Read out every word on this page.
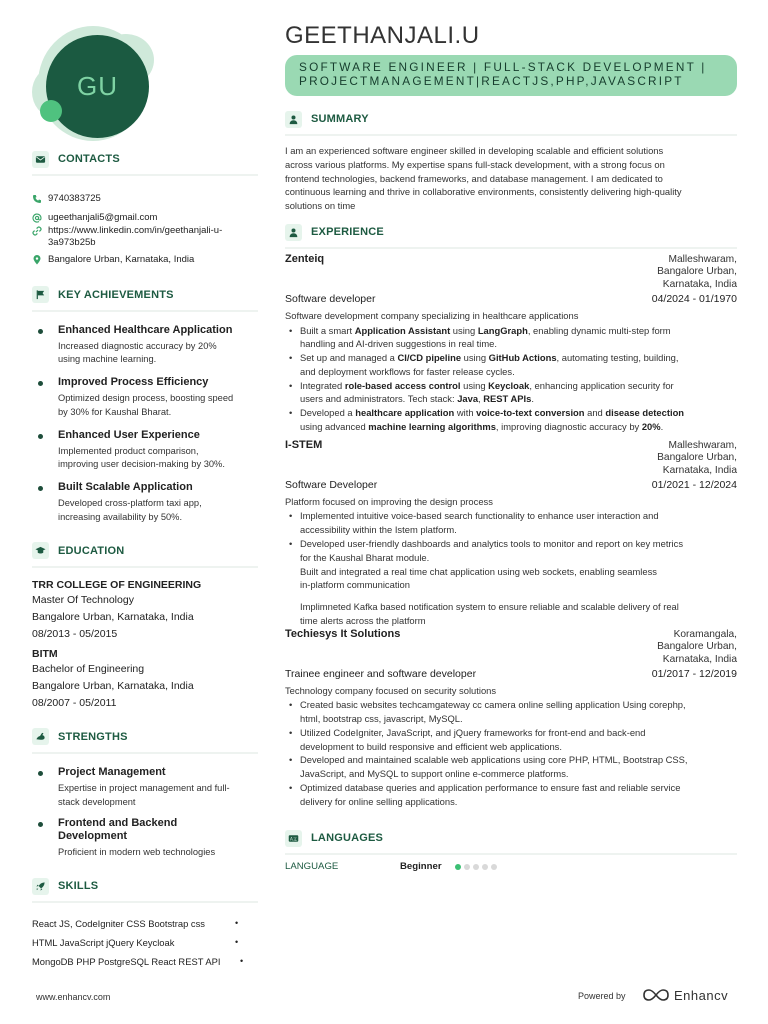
GU
GEETHANJALI.U
SOFTWARE ENGINEER | FULL-STACK DEVELOPMENT |
PROJECTMANAGEMENT|REACTJS,PHP,JAVASCRIPT
CONTACTS
9740383725
ugeethanjali5@gmail.com
https://www.linkedin.com/in/geethanjali-u-
3a973b25b
Bangalore Urban, Karnataka, India
KEY ACHIEVEMENTS
Enhanced Healthcare Application
Increased diagnostic accuracy by 20%
using machine learning.
Improved Process Efficiency
Optimized design process, boosting speed
by 30% for Kaushal Bharat.
Enhanced User Experience
Implemented product comparison,
improving user decision-making by 30%.
Built Scalable Application
Developed cross-platform taxi app,
increasing availability by 50%.
EDUCATION
TRR COLLEGE OF ENGINEERING
Master Of Technology
Bangalore Urban, Karnataka, India
08/2013 - 05/2015
BITM
Bachelor of Engineering
Bangalore Urban, Karnataka, India
08/2007 - 05/2011
STRENGTHS
Project Management
Expertise in project management and full-
stack development
Frontend and Backend
Development
Proficient in modern web technologies
SKILLS
React JS, CodeIgniter CSS Bootstrap css	•
HTML JavaScript jQuery Keycloak	•
MongoDB PHP PostgreSQL React REST API •
SUMMARY
I am an experienced software engineer skilled in developing scalable and efficient solutions
across various platforms. My expertise spans full-stack development, with a strong focus on
frontend technologies, backend frameworks, and database management. I am dedicated to
continuous learning and thrive in collaborative environments, consistently delivering high-quality
solutions on time
EXPERIENCE
Zenteiq	Malleshwaram,
Bangalore Urban,
Karnataka, India
Software developer	04/2024 - 01/1970
Software development company specializing in healthcare applications
• Built a smart Application Assistant using LangGraph, enabling dynamic multi-step form
handling and AI-driven suggestions in real time.
• Set up and managed a CI/CD pipeline using GitHub Actions, automating testing, building,
and deployment workflows for faster release cycles.
• Integrated role-based access control using Keycloak, enhancing application security for
users and administrators. Tech stack: Java, REST APIs.
• Developed a healthcare application with voice-to-text conversion and disease detection
using advanced machine learning algorithms, improving diagnostic accuracy by 20%.
I-STEM	Malleshwaram,
Bangalore Urban,
Karnataka, India
Software Developer	01/2021 - 12/2024
Platform focused on improving the design process
• Implemented intuitive voice-based search functionality to enhance user interaction and
accessibility within the Istem platform.
• Developed user-friendly dashboards and analytics tools to monitor and report on key metrics
for the Kaushal Bharat module.
Built and integrated a real time chat application using web sockets, enabling seamless
in-platform communication
Implimneted Kafka based notification system to ensure reliable and scalable delivery of real
time alerts across the platform
Techiesys It Solutions	Koramangala,
Bangalore Urban,
Karnataka, India
Trainee engineer and software developer	01/2017 - 12/2019
Technology company focused on security solutions
• Created basic websites techcamgateway cc camera online selling application Using corephp,
html, bootstrap css, javascript, MySQL.
• Utilized CodeIgniter, JavaScript, and jQuery frameworks for front-end and back-end
development to build responsive and efficient web applications.
• Developed and maintained scalable web applications using core PHP, HTML, Bootstrap CSS,
JavaScript, and MySQL to support online e-commerce platforms.
• Optimized database queries and application performance to ensure fast and reliable service
delivery for online selling applications.
A文 LANGUAGES
LANGUAGE	Beginner
www.enhancv.com	Powered by	Enhancv
